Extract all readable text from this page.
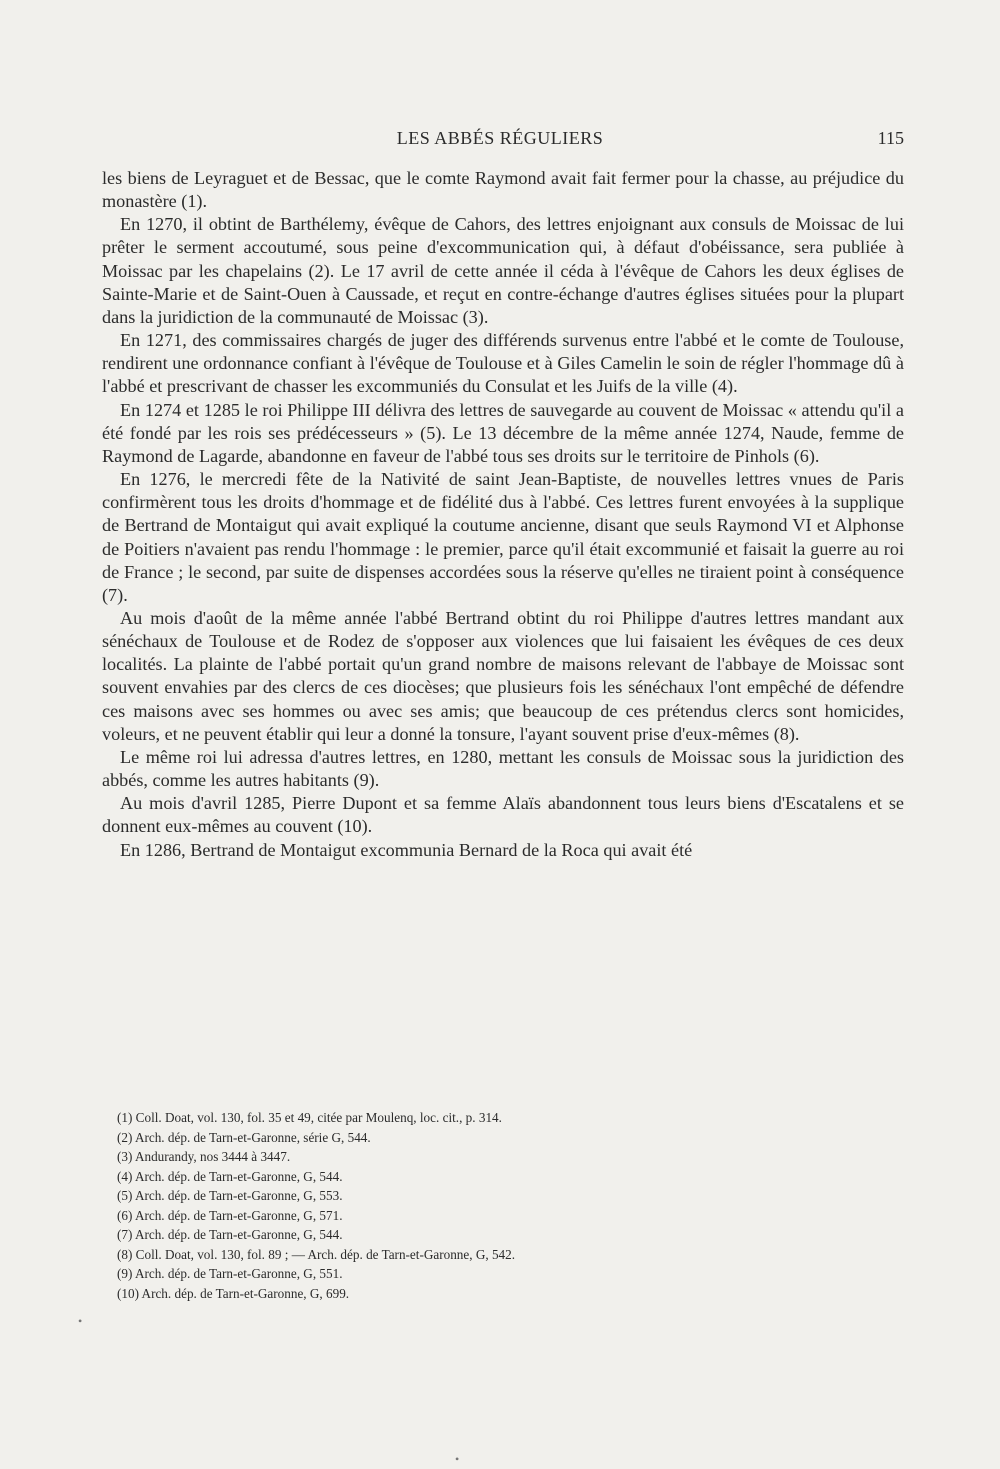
LES ABBÉS RÉGULIERS	115

les biens de Leyraguet et de Bessac, que le comte Raymond avait fait fermer pour la chasse, au préjudice du monastère (1).

En 1270, il obtint de Barthélemy, évêque de Cahors, des lettres enjoignant aux consuls de Moissac de lui prêter le serment accoutumé, sous peine d'excommunication qui, à défaut d'obéissance, sera publiée à Moissac par les chapelains (2). Le 17 avril de cette année il céda à l'évêque de Cahors les deux églises de Sainte-Marie et de Saint-Ouen à Caussade, et reçut en contre-échange d'autres églises situées pour la plupart dans la juridiction de la communauté de Moissac (3).

En 1271, des commissaires chargés de juger des différends survenus entre l'abbé et le comte de Toulouse, rendirent une ordonnance confiant à l'évêque de Toulouse et à Giles Camelin le soin de régler l'hommage dû à l'abbé et prescrivant de chasser les excommuniés du Consulat et les Juifs de la ville (4).

En 1274 et 1285 le roi Philippe III délivra des lettres de sauvegarde au couvent de Moissac « attendu qu'il a été fondé par les rois ses prédécesseurs » (5). Le 13 décembre de la même année 1274, Naude, femme de Raymond de Lagarde, abandonne en faveur de l'abbé tous ses droits sur le territoire de Pinhols (6).

En 1276, le mercredi fête de la Nativité de saint Jean-Baptiste, de nouvelles lettres vnues de Paris confirmèrent tous les droits d'hommage et de fidélité dus à l'abbé. Ces lettres furent envoyées à la supplique de Bertrand de Montaigut qui avait expliqué la coutume ancienne, disant que seuls Raymond VI et Alphonse de Poitiers n'avaient pas rendu l'hommage : le premier, parce qu'il était excommunié et faisait la guerre au roi de France ; le second, par suite de dispenses accordées sous la réserve qu'elles ne tiraient point à conséquence (7).

Au mois d'août de la même année l'abbé Bertrand obtint du roi Philippe d'autres lettres mandant aux sénéchaux de Toulouse et de Rodez de s'opposer aux violences que lui faisaient les évêques de ces deux localités. La plainte de l'abbé portait qu'un grand nombre de maisons relevant de l'abbaye de Moissac sont souvent envahies par des clercs de ces diocèses; que plusieurs fois les sénéchaux l'ont empêché de défendre ces maisons avec ses hommes ou avec ses amis; que beaucoup de ces prétendus clercs sont homicides, voleurs, et ne peuvent établir qui leur a donné la tonsure, l'ayant souvent prise d'eux-mêmes (8).

Le même roi lui adressa d'autres lettres, en 1280, mettant les consuls de Moissac sous la juridiction des abbés, comme les autres habitants (9).

Au mois d'avril 1285, Pierre Dupont et sa femme Alaïs abandonnent tous leurs biens d'Escatalens et se donnent eux-mêmes au couvent (10).

En 1286, Bertrand de Montaigut excommunia Bernard de la Roca qui avait été

(1) Coll. Doat, vol. 130, fol. 35 et 49, citée par Moulenq, loc. cit., p. 314.

(2) Arch. dép. de Tarn-et-Garonne, série G, 544.

(3) Andurandy, nos 3444 à 3447.

(4) Arch. dép. de Tarn-et-Garonne, G, 544.

(5) Arch. dép. de Tarn-et-Garonne, G, 553.

(6) Arch. dép. de Tarn-et-Garonne, G, 571.

(7) Arch. dép. de Tarn-et-Garonne, G, 544.

(8) Coll. Doat, vol. 130, fol. 89 ; — Arch. dép. de Tarn-et-Garonne, G, 542.

(9) Arch. dép. de Tarn-et-Garonne, G, 551.

(10) Arch. dép. de Tarn-et-Garonne, G, 699.

•
•
